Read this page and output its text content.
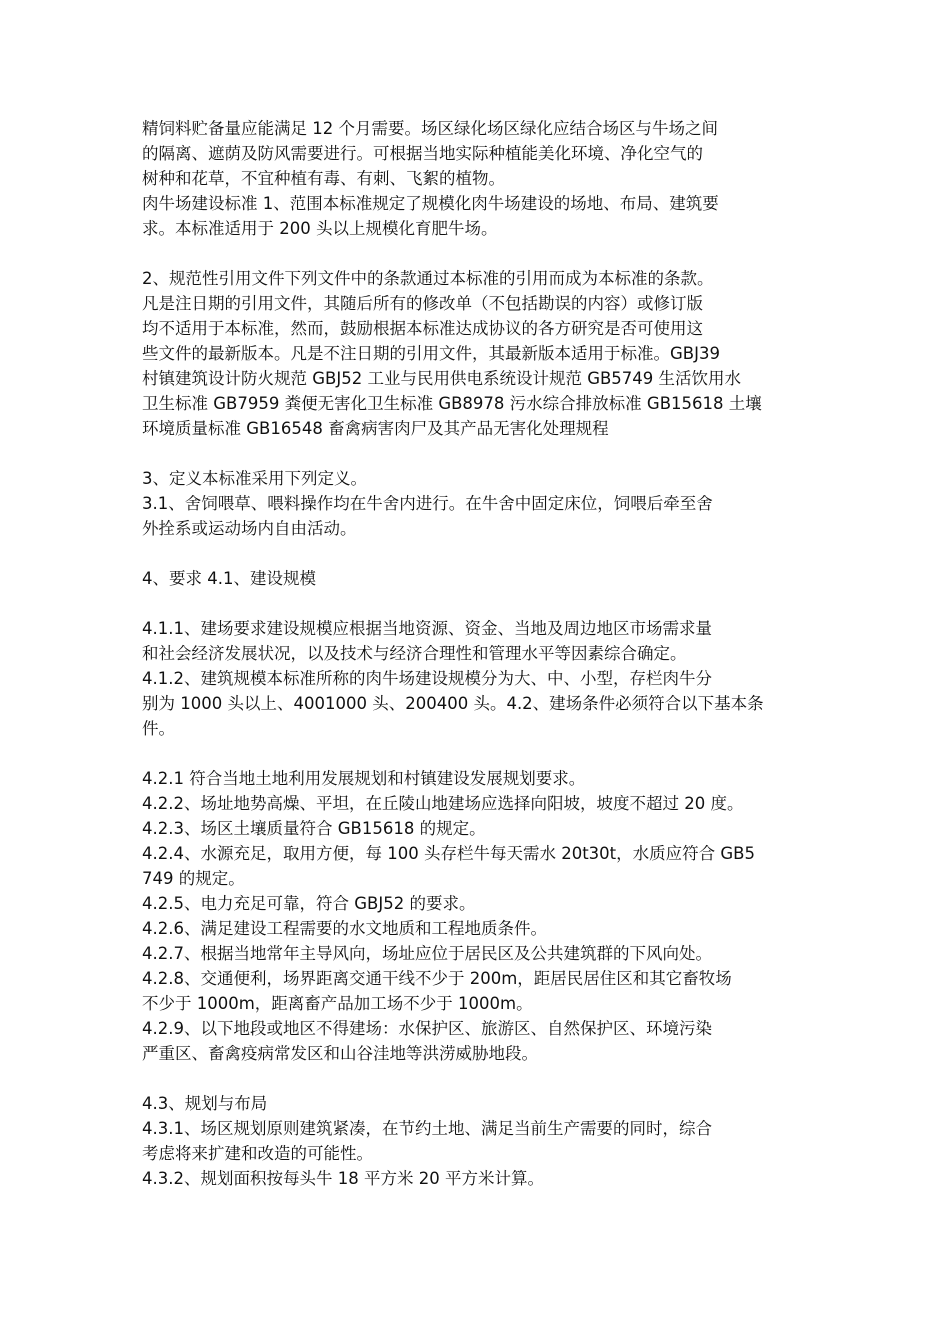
精饲料贮备量应能满足 12 个月需要。场区绿化场区绿化应结合场区与牛场之间
的隔离、遮荫及防风需要进行。可根据当地实际种植能美化环境、净化空气的
树种和花草，不宜种植有毒、有刺、飞絮的植物。
肉牛场建设标准 1、范围本标准规定了规模化肉牛场建设的场地、布局、建筑要
求。本标准适用于 200 头以上规模化育肥牛场。
2、规范性引用文件下列文件中的条款通过本标准的引用而成为本标准的条款。
凡是注日期的引用文件，其随后所有的修改单（不包括勘误的内容）或修订版
均不适用于本标准，然而，鼓励根据本标准达成协议的各方研究是否可使用这
些文件的最新版本。凡是不注日期的引用文件，其最新版本适用于标准。GBJ39
村镇建筑设计防火规范 GBJ52 工业与民用供电系统设计规范 GB5749 生活饮用水
卫生标准 GB7959 粪便无害化卫生标准 GB8978 污水综合排放标准 GB15618 土壤
环境质量标准 GB16548 畜禽病害肉尸及其产品无害化处理规程
3、定义本标准采用下列定义。
3.1、舍饲喂草、喂料操作均在牛舍内进行。在牛舍中固定床位，饲喂后牵至舍
外拴系或运动场内自由活动。
4、要求 4.1、建设规模
4.1.1、建场要求建设规模应根据当地资源、资金、当地及周边地区市场需求量
和社会经济发展状况，以及技术与经济合理性和管理水平等因素综合确定。
4.1.2、建筑规模本标准所称的肉牛场建设规模分为大、中、小型，存栏肉牛分
别为 1000 头以上、4001000 头、200400 头。4.2、建场条件必须符合以下基本条
件。
4.2.1 符合当地土地利用发展规划和村镇建设发展规划要求。
4.2.2、场址地势高燥、平坦，在丘陵山地建场应选择向阳坡，坡度不超过 20 度。
4.2.3、场区土壤质量符合 GB15618 的规定。
4.2.4、水源充足，取用方便，每 100 头存栏牛每天需水 20t30t，水质应符合 GB5
749 的规定。
4.2.5、电力充足可靠，符合 GBJ52 的要求。
4.2.6、满足建设工程需要的水文地质和工程地质条件。
4.2.7、根据当地常年主导风向，场址应位于居民区及公共建筑群的下风向处。
4.2.8、交通便利，场界距离交通干线不少于 200m，距居民居住区和其它畜牧场
不少于 1000m，距离畜产品加工场不少于 1000m。
4.2.9、以下地段或地区不得建场：水保护区、旅游区、自然保护区、环境污染
严重区、畜禽疫病常发区和山谷洼地等洪涝威胁地段。
4.3、规划与布局
4.3.1、场区规划原则建筑紧凑，在节约土地、满足当前生产需要的同时，综合
考虑将来扩建和改造的可能性。
4.3.2、规划面积按每头牛 18 平方米 20 平方米计算。
